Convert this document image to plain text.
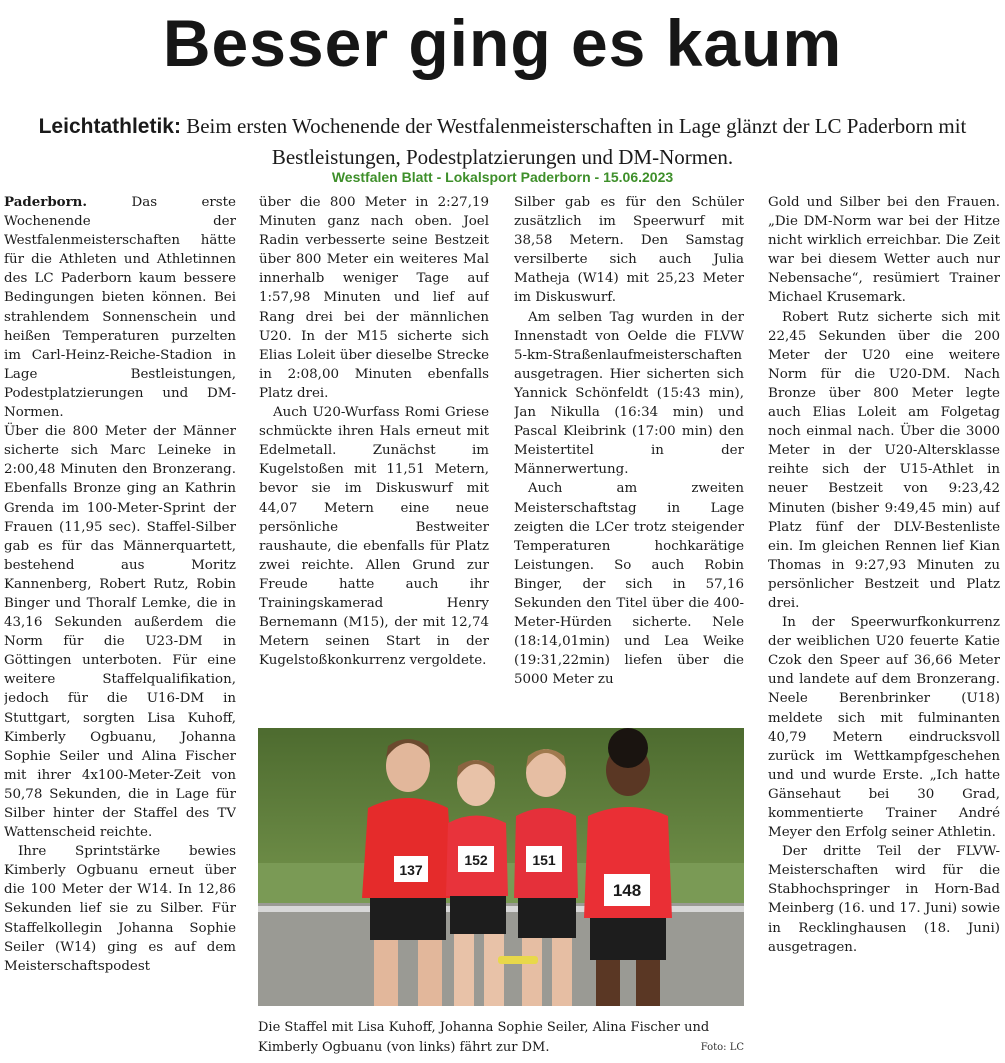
Besser ging es kaum
Leichtathletik: Beim ersten Wochenende der Westfalenmeisterschaften in Lage glänzt der LC Paderborn mit Bestleistungen, Podestplatzierungen und DM-Normen.
Westfalen Blatt - Lokalsport Paderborn - 15.06.2023

Paderborn.	Das erste Wochenende der Westfalenmeisterschaften hätte für die Athleten und Athletinnen des LC Paderborn kaum bessere Bedingungen bieten können. Bei strahlendem Sonnenschein und heißen Temperaturen purzelten im Carl-Heinz-Reiche-Stadion in Lage Bestleistungen, Podestplatzierungen und DM-Normen.

Über die 800 Meter der Männer sicherte sich Marc Leineke in 2:00,48 Minuten den Bronzerang. Ebenfalls Bronze ging an Kathrin Grenda im 100-Meter-Sprint der Frauen (11,95 sec). Staffel-Silber gab es für das Männerquartett, bestehend aus Moritz Kannenberg, Robert Rutz, Robin Binger und Thoralf Lemke, die in 43,16 Sekunden außerdem die Norm für die U23-DM in Göttingen unterboten. Für eine weitere Staffelqualifikation, jedoch für die U16-DM in Stuttgart, sorgten Lisa Kuhoff, Kimberly Ogbuanu, Johanna Sophie Seiler und Alina Fischer mit ihrer 4x100-Meter-Zeit von 50,78 Sekunden, die in Lage für Silber hinter der Staffel des TV Wattenscheid reichte.

Ihre Sprintstärke bewies Kimberly Ogbuanu erneut über die 100 Meter der W14. In 12,86 Sekunden lief sie zu Silber. Für Staffelkollegin Johanna Sophie Seiler (W14) ging es auf dem Meisterschaftspodest

über die 800 Meter in 2:27,19 Minuten ganz nach oben. Joel Radin verbesserte seine Bestzeit über 800 Meter ein weiteres Mal innerhalb weniger Tage auf 1:57,98 Minuten und lief auf Rang drei bei der männlichen U20. In der M15 sicherte sich Elias Loleit über dieselbe Strecke in 2:08,00 Minuten ebenfalls Platz drei.

Auch U20-Wurfass Romi Griese schmückte ihren Hals erneut mit Edelmetall. Zunächst im Kugelstoßen mit 11,51 Metern, bevor sie im Diskuswurf mit 44,07 Metern eine neue persönliche Bestweiter raushaute, die ebenfalls für Platz zwei reichte. Allen Grund zur Freude hatte auch ihr Trainingskamerad Henry Bernemann (M15), der mit 12,74 Metern seinen Start in der Kugelstoßkonkurrenz vergoldete.

Silber gab es für den Schüler zusätzlich im Speerwurf mit 38,58 Metern. Den Samstag versilberte sich auch Julia Matheja (W14) mit 25,23 Meter im Diskuswurf.

Am selben Tag wurden in der Innenstadt von Oelde die FLVW 5-km-Straßenlaufmeisterschaften ausgetragen. Hier sicherten sich Yannick Schönfeldt (15:43 min), Jan Nikulla (16:34 min) und Pascal Kleibrink (17:00 min) den Meistertitel in der Männerwertung.

Auch am zweiten Meisterschaftstag in Lage zeigten die LCer trotz steigender Temperaturen hochkarätige Leistungen. So auch Robin Binger, der sich in 57,16 Sekunden den Titel über die 400-Meter-Hürden sicherte. Nele (18:14,01min) und Lea Weike (19:31,22min) liefen über die 5000 Meter zu

Gold und Silber bei den Frauen. „Die DM-Norm war bei der Hitze nicht wirklich erreichbar. Die Zeit war bei diesem Wetter auch nur Nebensache“, resümiert Trainer Michael Krusemark.

Robert Rutz sicherte sich mit 22,45 Sekunden über die 200 Meter der U20 eine weitere Norm für die U20-DM. Nach Bronze über 800 Meter legte auch Elias Loleit am Folgetag noch einmal nach. Über die 3000 Meter in der U20-Altersklasse reihte sich der U15-Athlet in neuer Bestzeit von 9:23,42 Minuten (bisher 9:49,45 min) auf Platz fünf der DLV-Bestenliste ein. Im gleichen Rennen lief Kian Thomas in 9:27,93 Minuten zu persönlicher Bestzeit und Platz drei.

In der Speerwurfkonkurrenz der weiblichen U20 feuerte Katie Czok den Speer auf 36,66 Meter und landete auf dem Bronzerang. Neele Berenbrinker (U18) meldete sich mit fulminanten 40,79 Metern eindrucksvoll zurück im Wettkampfgeschehen und und wurde Erste. „Ich hatte Gänsehaut bei 30 Grad, kommentierte Trainer André Meyer den Erfolg seiner Athletin.

Der dritte Teil der FLVW-Meisterschaften wird für die Stabhochspringer in Horn-Bad Meinberg (16. und 17. Juni) sowie in Recklinghausen (18. Juni) ausgetragen.

137
152	151
148
Die Staffel mit Lisa Kuhoff, Johanna Sophie Seiler, Alina Fischer und Kimberly Ogbuanu (von links) fährt zur DM.	Foto: LC
